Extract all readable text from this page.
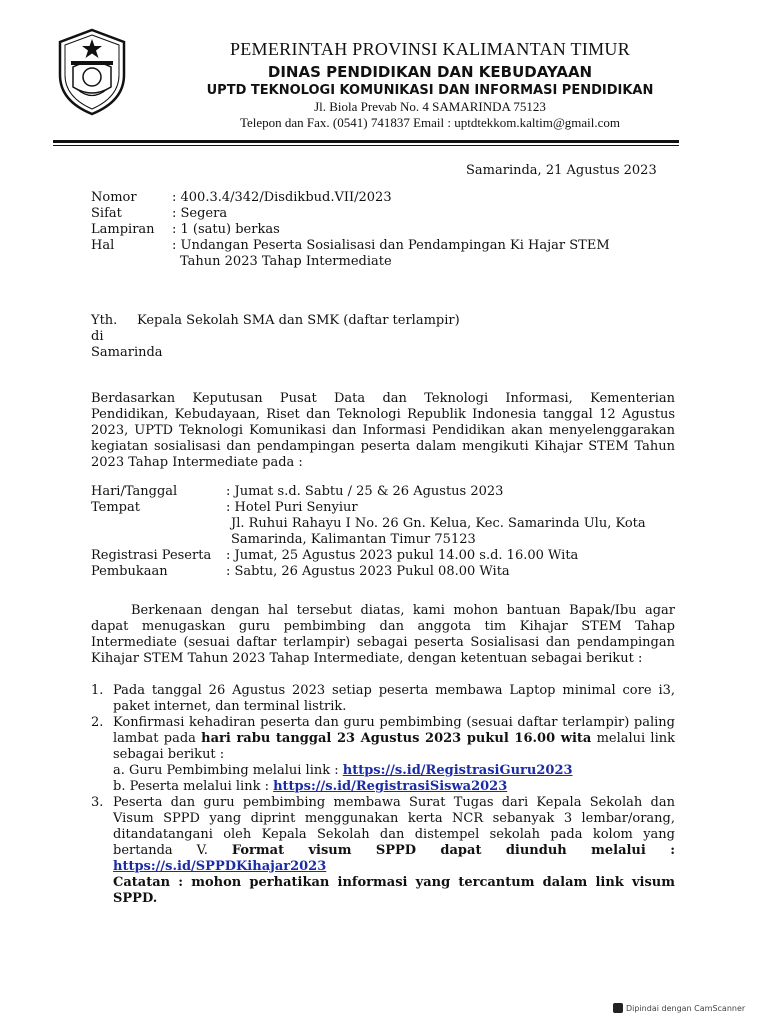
PEMERINTAH PROVINSI KALIMANTAN TIMUR
DINAS PENDIDIKAN DAN KEBUDAYAAN
UPTD TEKNOLOGI KOMUNIKASI DAN INFORMASI PENDIDIKAN
Jl. Biola Prevab No. 4 SAMARINDA 75123
Telepon dan Fax. (0541) 741837 Email : uptdtekkom.kaltim@gmail.com
Samarinda, 21 Agustus 2023
Nomor	: 400.3.4/342/Disdikbud.VII/2023
Sifat	: Segera
Lampiran : 1 (satu) berkas
Hal	: Undangan Peserta Sosialisasi dan Pendampingan Ki Hajar STEM
Tahun 2023 Tahap Intermediate
Yth. Kepala Sekolah SMA dan SMK (daftar terlampir)
di
Samarinda
Berdasarkan Keputusan Pusat Data dan Teknologi Informasi, Kementerian
Pendidikan, Kebudayaan, Riset dan Teknologi Republik Indonesia tanggal 12 Agustus
2023, UPTD Teknologi Komunikasi dan Informasi Pendidikan akan menyelenggarakan
kegiatan sosialisasi dan pendampingan peserta dalam mengikuti Kihajar STEM Tahun
2023 Tahap Intermediate pada :
Hari/Tanggal	: Jumat s.d. Sabtu / 25 & 26 Agustus 2023
Tempat	: Hotel Puri Senyiur
Jl. Ruhui Rahayu I No. 26 Gn. Kelua, Kec. Samarinda Ulu, Kota
Samarinda, Kalimantan Timur 75123
Registrasi Peserta : Jumat, 25 Agustus 2023 pukul 14.00 s.d. 16.00 Wita
Pembukaan	: Sabtu, 26 Agustus 2023 Pukul 08.00 Wita
Berkenaan dengan hal tersebut diatas, kami mohon bantuan Bapak/Ibu agar
dapat menugaskan guru pembimbing dan anggota tim Kihajar STEM Tahap
Intermediate (sesuai daftar terlampir) sebagai peserta Sosialisasi dan pendampingan
Kihajar STEM Tahun 2023 Tahap Intermediate, dengan ketentuan sebagai berikut :
1. Pada tanggal 26 Agustus 2023 setiap peserta membawa Laptop minimal core i3,
paket internet, dan terminal listrik.
2. Konfirmasi kehadiran peserta dan guru pembimbing (sesuai daftar terlampir) paling
lambat pada hari rabu tanggal 23 Agustus 2023 pukul 16.00 wita melalui link
sebagai berikut :
a. Guru Pembimbing melalui link : https://s.id/RegistrasiGuru2023
b. Peserta melalui link : https://s.id/RegistrasiSiswa2023
3. Peserta dan guru pembimbing membawa Surat Tugas dari Kepala Sekolah dan
Visum SPPD yang diprint menggunakan kerta NCR sebanyak 3 lembar/orang,
ditandatangani oleh Kepala Sekolah dan distempel sekolah pada kolom yang
bertanda V. Format visum SPPD dapat diunduh melalui :
https://s.id/SPPDKihajar2023
Catatan : mohon perhatikan informasi yang tercantum dalam link visum SPPD.
Dipindai dengan CamScanner
